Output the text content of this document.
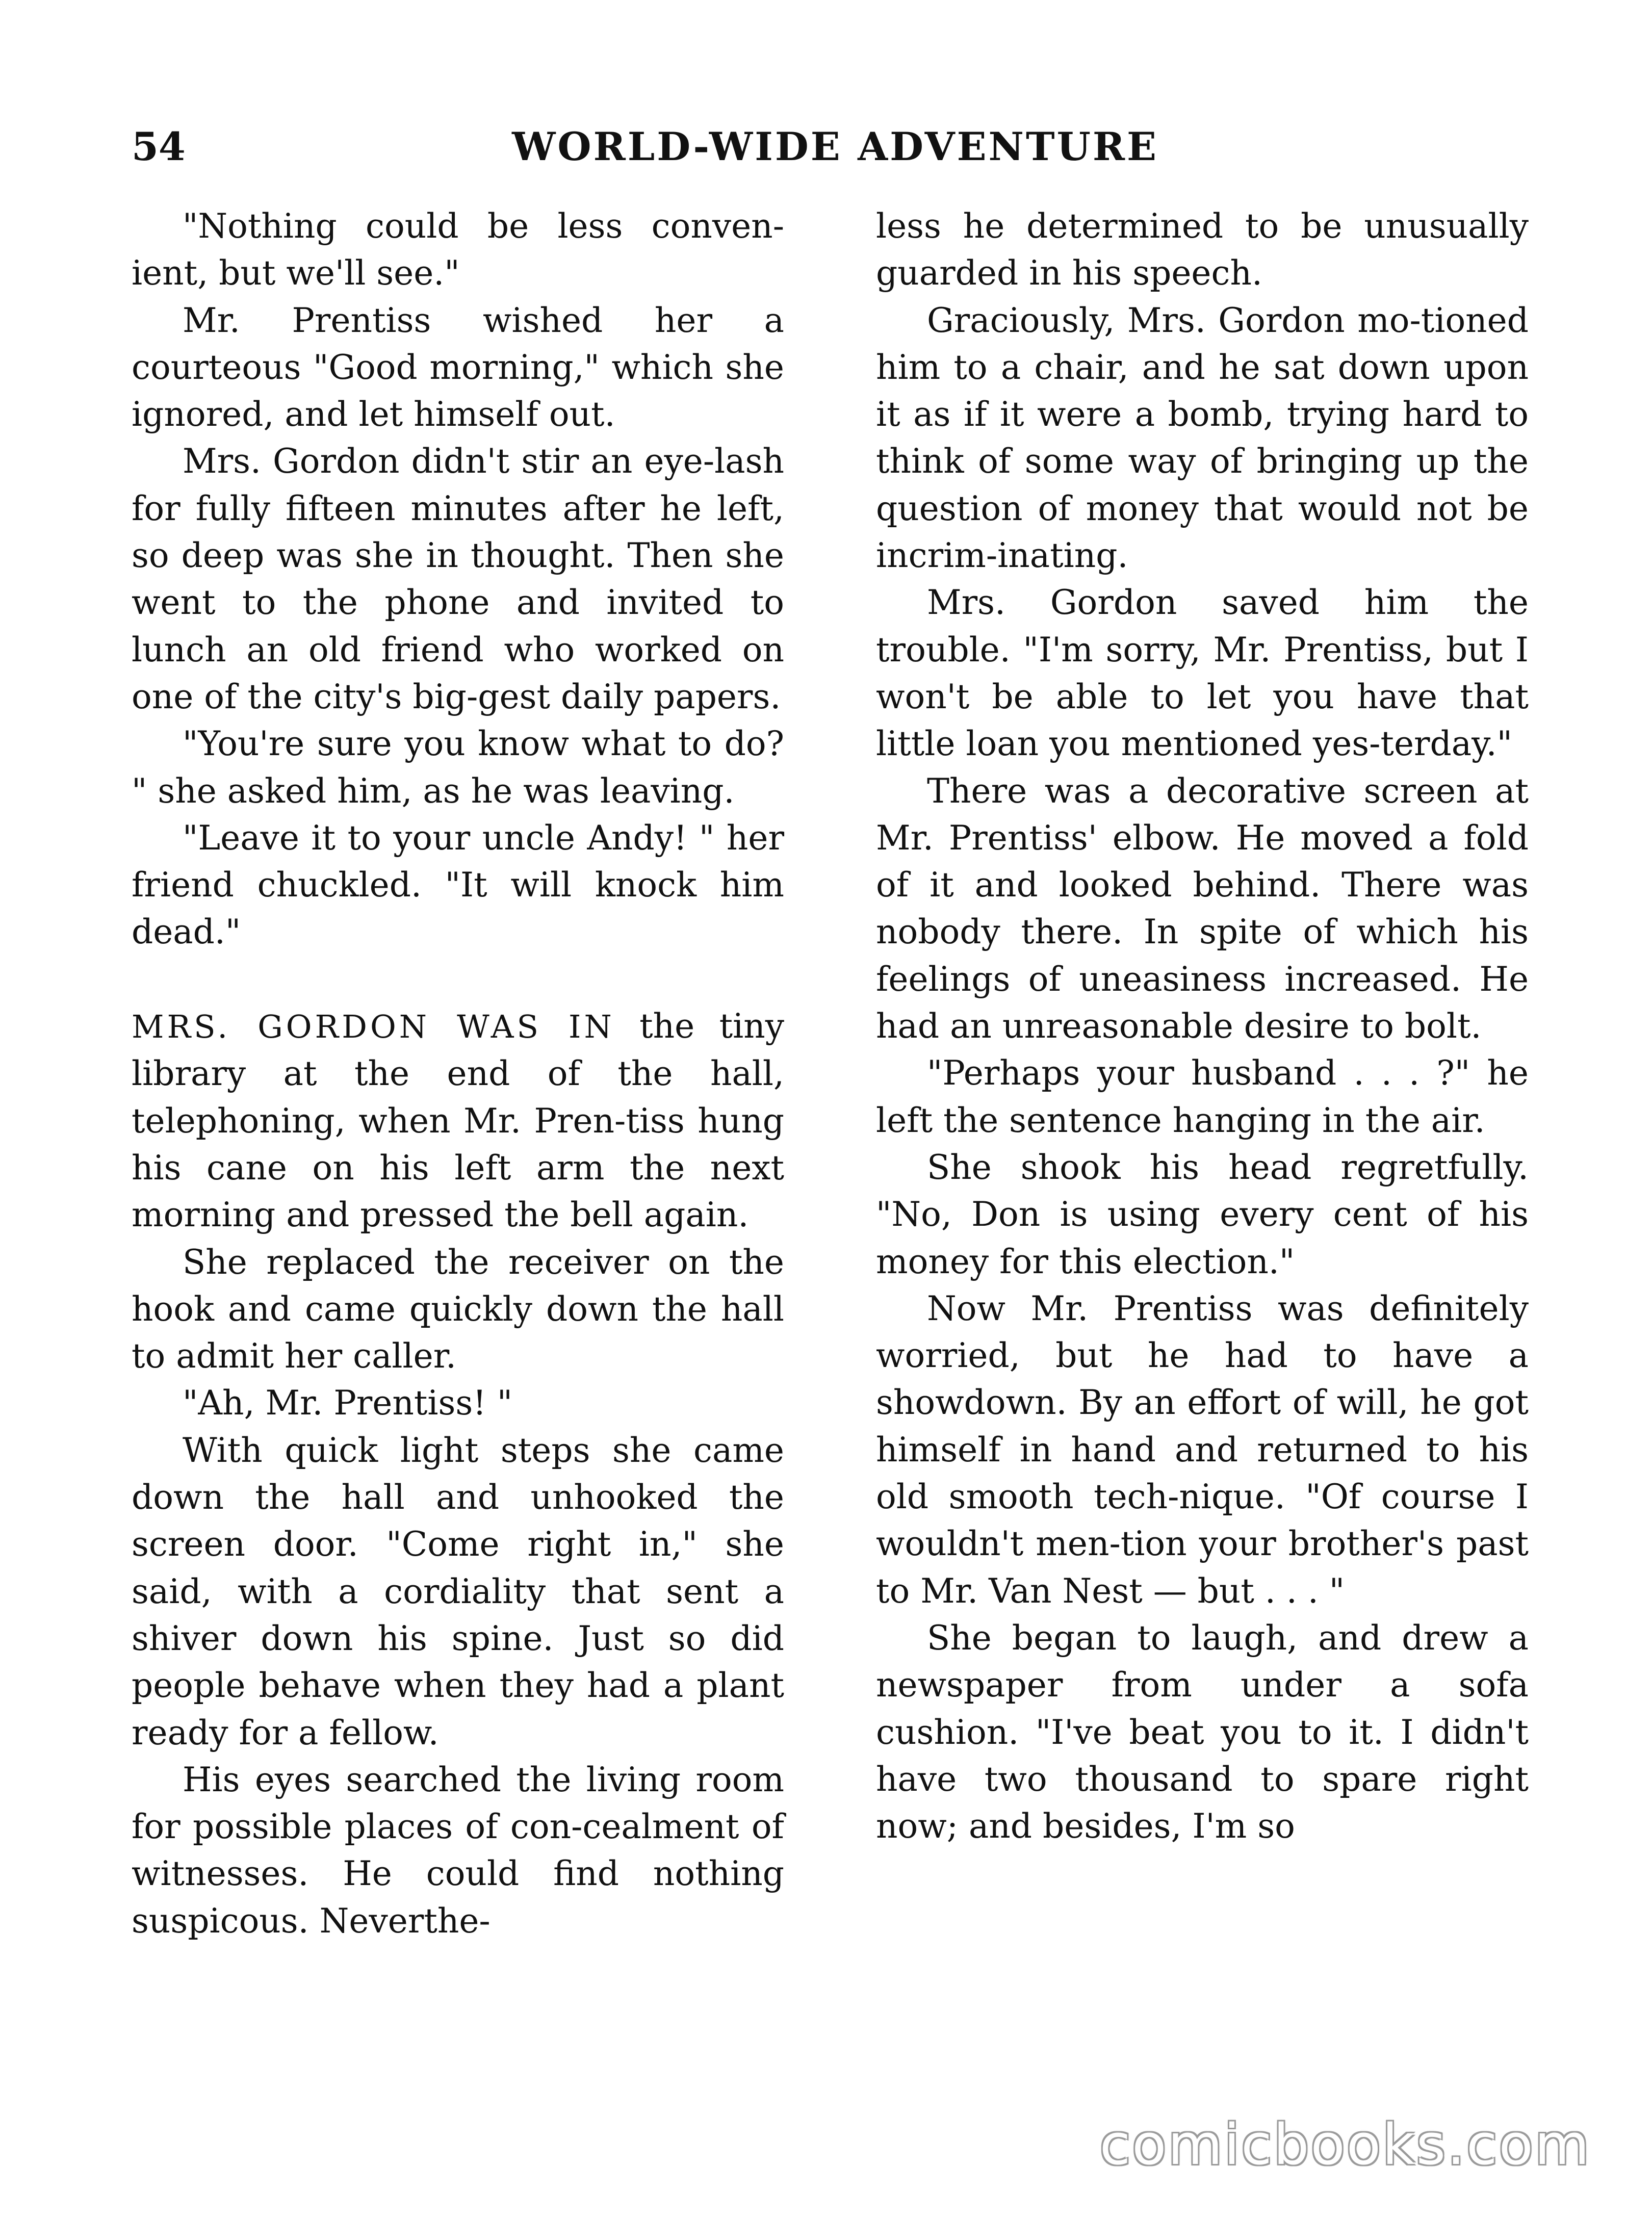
54	WORLD-WIDE ADVENTURE

"Nothing could be less conven-ient, but we'll see."

Mr. Prentiss wished her a courteous "Good morning," which she ignored, and let himself out.

Mrs. Gordon didn't stir an eye-lash for fully fifteen minutes after he left, so deep was she in thought. Then she went to the phone and invited to lunch an old friend who worked on one of the city's big-gest daily papers.

"You're sure you know what to do? " she asked him, as he was leaving.

"Leave it to your uncle Andy! " her friend chuckled. "It will knock him dead."

MRS. GORDON WAS IN the tiny library at the end of the hall, telephoning, when Mr. Pren-tiss hung his cane on his left arm the next morning and pressed the bell again.

She replaced the receiver on the hook and came quickly down the hall to admit her caller.

"Ah, Mr. Prentiss! "

With quick light steps she came down the hall and unhooked the screen door. "Come right in," she said, with a cordiality that sent a shiver down his spine. Just so did people behave when they had a plant ready for a fellow.

His eyes searched the living room for possible places of con-cealment of witnesses. He could find nothing suspicous. Neverthe-

less he determined to be unusually guarded in his speech.

Graciously, Mrs. Gordon mo-tioned him to a chair, and he sat down upon it as if it were a bomb, trying hard to think of some way of bringing up the question of money that would not be incrim-inating.

Mrs. Gordon saved him the trouble. "I'm sorry, Mr. Prentiss, but I won't be able to let you have that little loan you mentioned yes-terday."

There was a decorative screen at Mr. Prentiss' elbow. He moved a fold of it and looked behind. There was nobody there. In spite of which his feelings of uneasiness increased. He had an unreasonable desire to bolt.

"Perhaps your husband . . . ?" he left the sentence hanging in the air.

She shook his head regretfully. "No, Don is using every cent of his money for this election."

Now Mr. Prentiss was definitely worried, but he had to have a showdown. By an effort of will, he got himself in hand and returned to his old smooth tech-nique. "Of course I wouldn't men-tion your brother's past to Mr. Van Nest — but . . . "

She began to laugh, and drew a newspaper from under a sofa cushion. "I've beat you to it. I didn't have two thousand to spare right now; and besides, I'm so

comicbooks.com
